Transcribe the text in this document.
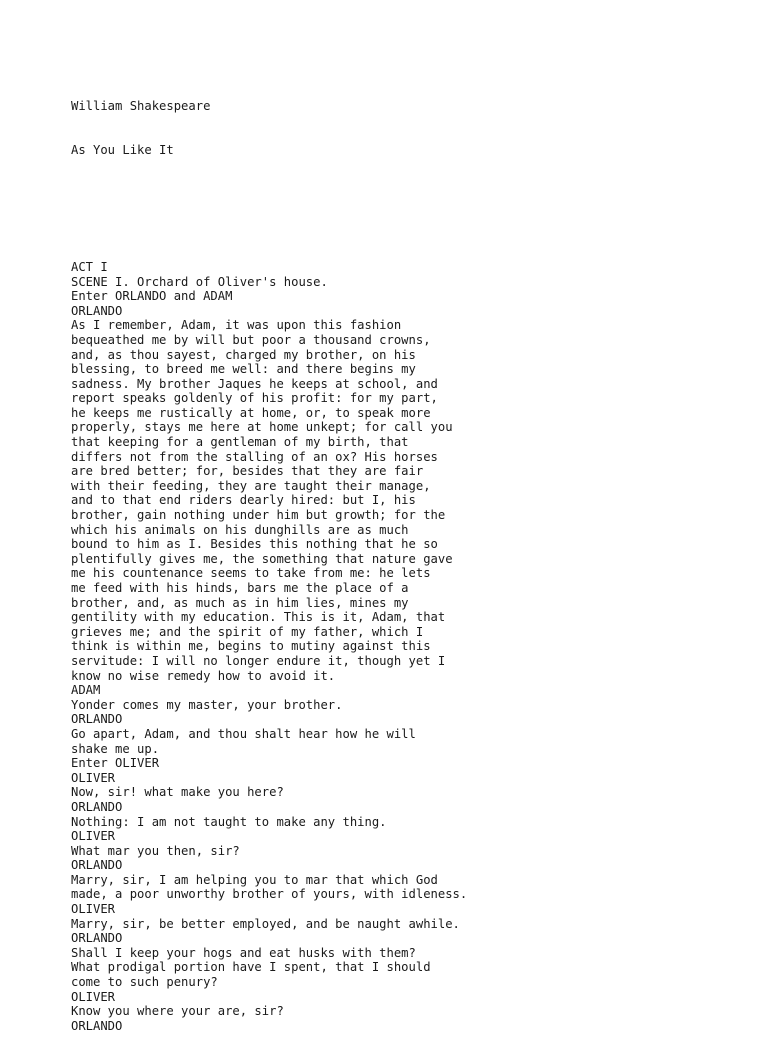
William Shakespeare

As You Like It

ACT I
SCENE I. Orchard of Oliver's house.
Enter ORLANDO and ADAM
ORLANDO
As I remember, Adam, it was upon this fashion
bequeathed me by will but poor a thousand crowns,
and, as thou sayest, charged my brother, on his
blessing, to breed me well: and there begins my
sadness. My brother Jaques he keeps at school, and
report speaks goldenly of his profit: for my part,
he keeps me rustically at home, or, to speak more
properly, stays me here at home unkept; for call you
that keeping for a gentleman of my birth, that
differs not from the stalling of an ox? His horses
are bred better; for, besides that they are fair
with their feeding, they are taught their manage,
and to that end riders dearly hired: but I, his
brother, gain nothing under him but growth; for the
which his animals on his dunghills are as much
bound to him as I. Besides this nothing that he so
plentifully gives me, the something that nature gave
me his countenance seems to take from me: he lets
me feed with his hinds, bars me the place of a
brother, and, as much as in him lies, mines my
gentility with my education. This is it, Adam, that
grieves me; and the spirit of my father, which I
think is within me, begins to mutiny against this
servitude: I will no longer endure it, though yet I
know no wise remedy how to avoid it.
ADAM
Yonder comes my master, your brother.
ORLANDO
Go apart, Adam, and thou shalt hear how he will
shake me up.
Enter OLIVER
OLIVER
Now, sir! what make you here?
ORLANDO
Nothing: I am not taught to make any thing.
OLIVER
What mar you then, sir?
ORLANDO
Marry, sir, I am helping you to mar that which God
made, a poor unworthy brother of yours, with idleness.
OLIVER
Marry, sir, be better employed, and be naught awhile.
ORLANDO
Shall I keep your hogs and eat husks with them?
What prodigal portion have I spent, that I should
come to such penury?
OLIVER
Know you where your are, sir?
ORLANDO
